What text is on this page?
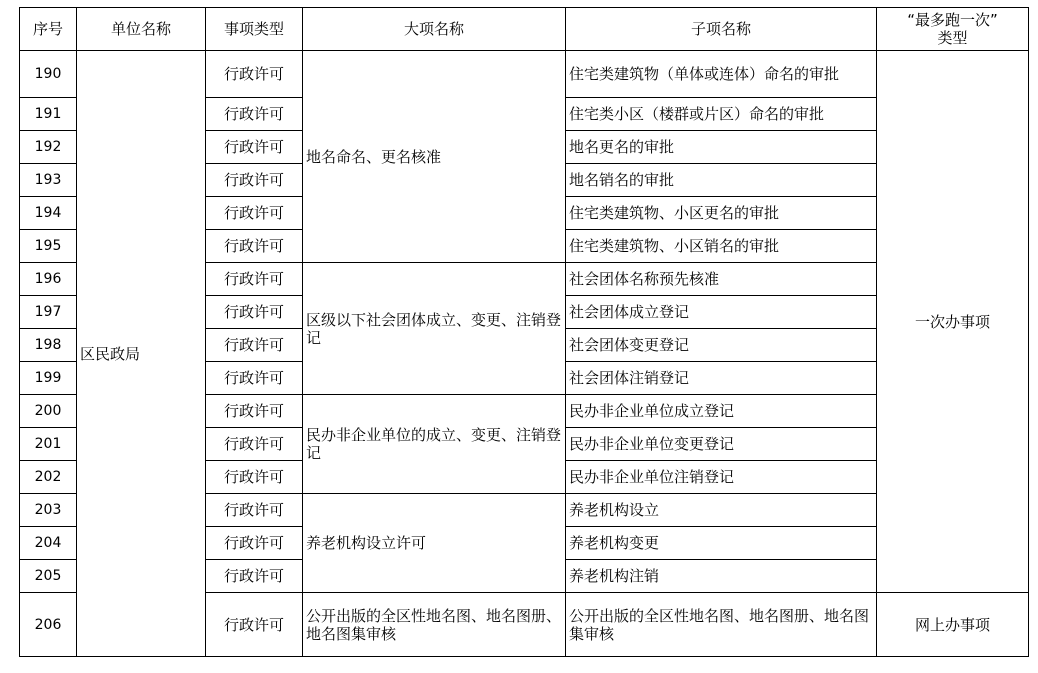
序号	单位名称	事项类型	大项名称	子项名称	“最多跑一次”
类型

190	区民政局	行政许可	地名命名、更名核准	住宅类建筑物（单体或连体）命名的审批	一次办事项
191		行政许可		住宅类小区（楼群或片区）命名的审批	
192		行政许可		地名更名的审批	
193		行政许可		地名销名的审批	
194		行政许可		住宅类建筑物、小区更名的审批	
195		行政许可		住宅类建筑物、小区销名的审批	
196		行政许可	区级以下社会团体成立、变更、注销登记	社会团体名称预先核准	
197		行政许可		社会团体成立登记	
198		行政许可		社会团体变更登记	
199		行政许可		社会团体注销登记	
200		行政许可	民办非企业单位的成立、变更、注销登记	民办非企业单位成立登记	
201		行政许可		民办非企业单位变更登记	
202		行政许可		民办非企业单位注销登记	
203		行政许可	养老机构设立许可	养老机构设立	
204		行政许可		养老机构变更	
205		行政许可		养老机构注销	
206		行政许可	公开出版的全区性地名图、地名图册、地名图集审核	公开出版的全区性地名图、地名图册、地名图集审核	网上办事项
